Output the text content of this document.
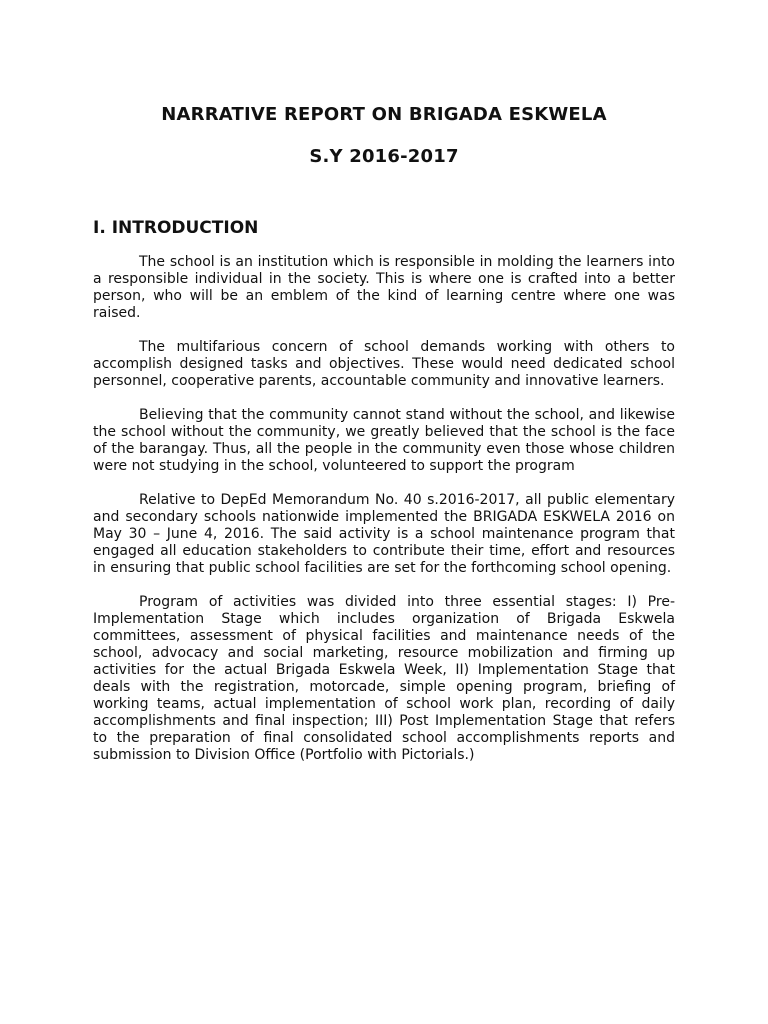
NARRATIVE REPORT ON BRIGADA ESKWELA
S.Y 2016-2017
I. INTRODUCTION

The school is an institution which is responsible in molding the learners into a responsible individual in the society. This is where one is crafted into a better person, who will be an emblem of the kind of learning centre where one was raised.

The multifarious concern of school demands working with others to accomplish designed tasks and objectives. These would need dedicated school personnel, cooperative parents, accountable community and innovative learners.

Believing that the community cannot stand without the school, and likewise the school without the community, we greatly believed that the school is the face of the barangay. Thus, all the people in the community even those whose children were not studying in the school, volunteered to support the program

Relative to DepEd Memorandum No. 40 s.2016-2017, all public elementary and secondary schools nationwide implemented the BRIGADA ESKWELA 2016 on May 30 – June 4, 2016. The said activity is a school maintenance program that engaged all education stakeholders to contribute their time, effort and resources in ensuring that public school facilities are set for the forthcoming school opening.

Program of activities was divided into three essential stages: I) Pre-Implementation Stage which includes organization of Brigada Eskwela committees, assessment of physical facilities and maintenance needs of the school, advocacy and social marketing, resource mobilization and firming up activities for the actual Brigada Eskwela Week, II) Implementation Stage that deals with the registration, motorcade, simple opening program, briefing of working teams, actual implementation of school work plan, recording of daily accomplishments and final inspection; III) Post Implementation Stage that refers to the preparation of final consolidated school accomplishments reports and submission to Division Office (Portfolio with Pictorials.)
